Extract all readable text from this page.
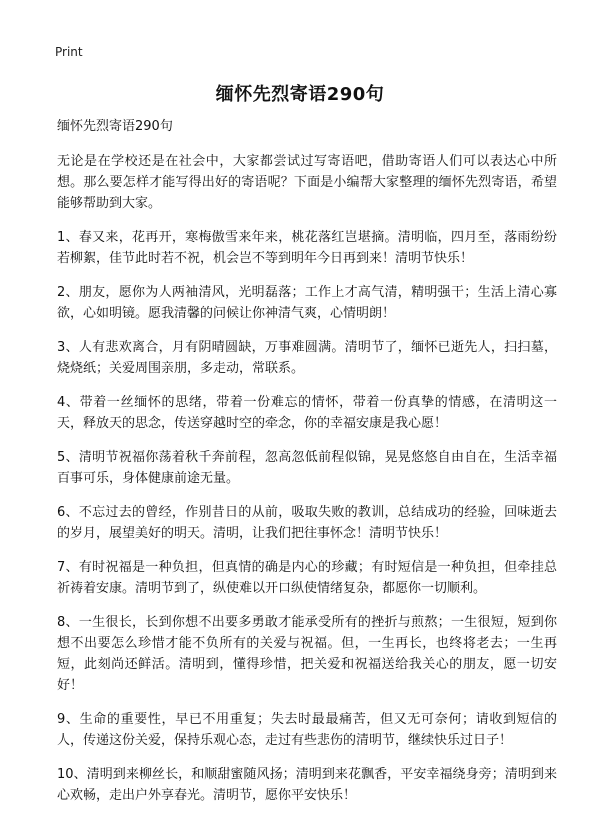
Print
缅怀先烈寄语290句

缅怀先烈寄语290句

无论是在学校还是在社会中，大家都尝试过写寄语吧，借助寄语人们可以表达心中所想。那么要怎样才能写得出好的寄语呢？下面是小编帮大家整理的缅怀先烈寄语，希望能够帮助到大家。

1、春又来，花再开，寒梅傲雪来年来，桃花落红岂堪摘。清明临，四月至，落雨纷纷若柳絮，佳节此时若不祝，机会岂不等到明年今日再到来！清明节快乐！

2、朋友，愿你为人两袖清风，光明磊落；工作上才高气清，精明强干；生活上清心寡欲，心如明镜。愿我清馨的问候让你神清气爽，心情明朗！

3、人有悲欢离合，月有阴晴圆缺，万事难圆满。清明节了，缅怀已逝先人，扫扫墓，烧烧纸；关爱周围亲朋，多走动，常联系。

4、带着一丝缅怀的思绪，带着一份难忘的情怀，带着一份真挚的情感，在清明这一天，释放天的思念，传送穿越时空的牵念，你的幸福安康是我心愿！

5、清明节祝福你荡着秋千奔前程，忽高忽低前程似锦，晃晃悠悠自由自在，生活幸福百事可乐，身体健康前途无量。

6、不忘过去的曾经，作别昔日的从前，吸取失败的教训，总结成功的经验，回味逝去的岁月，展望美好的明天。清明，让我们把往事怀念！清明节快乐！

7、有时祝福是一种负担，但真情的确是内心的珍藏；有时短信是一种负担，但牵挂总祈祷着安康。清明节到了，纵使难以开口纵使情绪复杂，都愿你一切顺利。

8、一生很长，长到你想不出要多勇敢才能承受所有的挫折与煎熬；一生很短，短到你想不出要怎么珍惜才能不负所有的关爱与祝福。但，一生再长，也终将老去；一生再短，此刻尚还鲜活。清明到，懂得珍惜，把关爱和祝福送给我关心的朋友，愿一切安好！

9、生命的重要性，早已不用重复；失去时最最痛苦，但又无可奈何；请收到短信的人，传递这份关爱，保持乐观心态，走过有些悲伤的清明节，继续快乐过日子！

10、清明到来柳丝长，和顺甜蜜随风扬；清明到来花飘香，平安幸福绕身旁；清明到来心欢畅，走出户外享春光。清明节，愿你平安快乐！
